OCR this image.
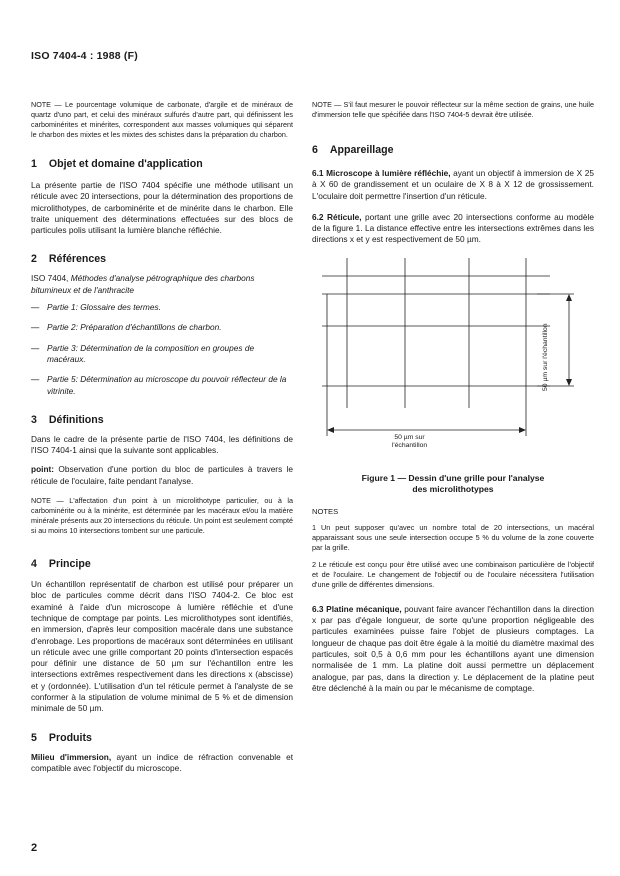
ISO 7404-4 : 1988 (F)

NOTE — Le pourcentage volumique de carbonate, d'argile et de minéraux de quartz d'uno part, et celui des minéraux sulfurés d'autre part, qui définissent les carbominérites et minérites, correspondent aux masses volumiques qui séparent le charbon des mixtes et les mixtes des schistes dans la préparation du charbon.

1 Objet et domaine d'application

La présente partie de l'ISO 7404 spécifie une méthode utilisant un réticule avec 20 intersections, pour la détermination des proportions de microlithotypes, de carbominérite et de minérite dans le charbon. Elle traite uniquement des déterminations effectuées sur des blocs de particules polis utilisant la lumière blanche réfléchie.

2 Références

ISO 7404, Méthodes d'analyse pétrographique des charbons bitumineux et de l'anthracite

— Partie 1: Glossaire des termes.
— Partie 2: Préparation d'échantillons de charbon.
— Partie 3: Détermination de la composition en groupes de macéraux.
— Partie 5: Détermination au microscope du pouvoir réflecteur de la vitrinite.
3 Définitions

Dans le cadre de la présente partie de l'ISO 7404, les définitions de l'ISO 7404-1 ainsi que la suivante sont applicables.

point: Observation d'une portion du bloc de particules à travers le réticule de l'oculaire, faite pendant l'analyse.

NOTE — L'affectation d'un point à un microlithotype particulier, ou à la carbominérite ou à la minérite, est déterminée par les macéraux et/ou la matière minérale présents aux 20 intersections du réticule. Un point est seulement compté si au moins 10 intersections tombent sur une particule.

4 Principe

Un échantillon représentatif de charbon est utilisé pour préparer un bloc de particules comme décrit dans l'ISO 7404-2. Ce bloc est examiné à l'aide d'un microscope à lumière réfléchie et d'une technique de comptage par points. Les microlithotypes sont identifiés, en immersion, d'après leur composition macérale dans une substance d'enrobage. Les proportions de macéraux sont déterminées en utilisant un réticule avec une grille comportant 20 points d'intersection espacés pour définir une distance de 50 µm sur l'échantillon entre les intersections extrêmes respectivement dans les directions x (abscisse) et y (ordonnée). L'utilisation d'un tel réticule permet à l'analyste de se conformer à la stipulation de volume minimal de 5 % et de dimension minimale de 50 µm.

5 Produits

Milieu d'immersion, ayant un indice de réfraction convenable et compatible avec l'objectif du microscope.

NOTE — S'il faut mesurer le pouvoir réflecteur sur la même section de grains, une huile d'immersion telle que spécifiée dans l'ISO 7404-5 devrait être utilisée.

6 Appareillage

6.1 Microscope à lumière réfléchie, ayant un objectif à immersion de X 25 à X 60 de grandissement et un oculaire de X 8 à X 12 de grossissement. L'oculaire doit permettre l'insertion d'un réticule.

6.2 Réticule, portant une grille avec 20 intersections conforme au modèle de la figure 1. La distance effective entre les intersections extrêmes dans les directions x et y est respectivement de 50 µm.

50 µm sur l'échantillon
50 µm sur
l'échantillon
Figure 1 — Dessin d'une grille pour l'analyse
des microlithotypes
NOTES

1 Un peut supposer qu'avec un nombre total de 20 intersections, un macéral apparaissant sous une seule intersection occupe 5 % du volume de la zone couverte par la grille.

2 Le réticule est conçu pour être utilisé avec une combinaison particulière de l'objectif et de l'oculaire. Le changement de l'objectif ou de l'oculaire nécessitera l'utilisation d'une grille de différentes dimensions.

6.3 Platine mécanique, pouvant faire avancer l'échantillon dans la direction x par pas d'égale longueur, de sorte qu'une proportion négligeable des particules examinées puisse faire l'objet de plusieurs comptages. La longueur de chaque pas doit être égale à la moitié du diamètre maximal des particules, soit 0,5 à 0,6 mm pour les échantillons ayant une dimension normalisée de 1 mm. La platine doit aussi permettre un déplacement analogue, par pas, dans la direction y. Le déplacement de la platine peut être déclenché à la main ou par le mécanisme de comptage.

2
